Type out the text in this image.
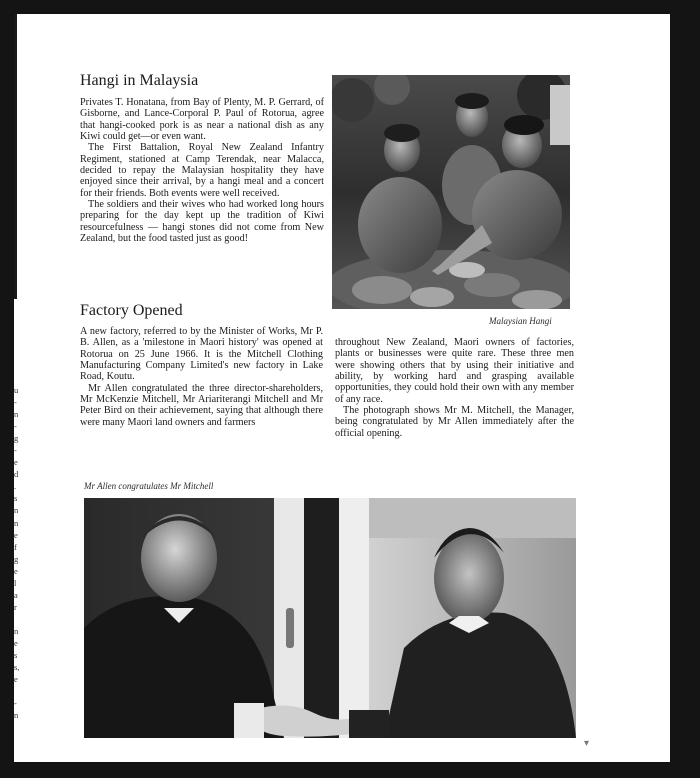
u
-
n
-
g
-
e
d
.
s
n
n
e
f
g
e
l
a
r
n
e
s
s,
e
-
n
Hangi in Malaysia

Privates T. Honatana, from Bay of Plenty, M. P. Gerrard, of Gisborne, and Lance-Corporal P. Paul of Rotorua, agree that hangi-cooked pork is as near a national dish as any Kiwi could get—or even want.

The First Battalion, Royal New Zealand Infantry Regiment, stationed at Camp Terendak, near Malacca, decided to repay the Malaysian hospitality they have enjoyed since their arrival, by a hangi meal and a concert for their friends. Both events were well received.

The soldiers and their wives who had worked long hours preparing for the day kept up the tradition of Kiwi resourcefulness — hangi stones did not come from New Zealand, but the food tasted just as good!

Malaysian Hangi
Factory Opened

A new factory, referred to by the Minister of Works, Mr P. B. Allen, as a 'milestone in Maori history' was opened at Rotorua on 25 June 1966. It is the Mitchell Clothing Manufacturing Company Limited's new factory in Lake Road, Koutu.

Mr Allen congratulated the three director-shareholders, Mr McKenzie Mitchell, Mr Ariariterangi Mitchell and Mr Peter Bird on their achievement, saying that although there were many Maori land owners and farmers

throughout New Zealand, Maori owners of factories, plants or businesses were quite rare. These three men were showing others that by using their initiative and ability, by working hard and grasping available opportunities, they could hold their own with any member of any race.

The photograph shows Mr M. Mitchell, the Manager, being congratulated by Mr Allen immediately after the official opening.

Mr Allen congratulates Mr Mitchell
▾
